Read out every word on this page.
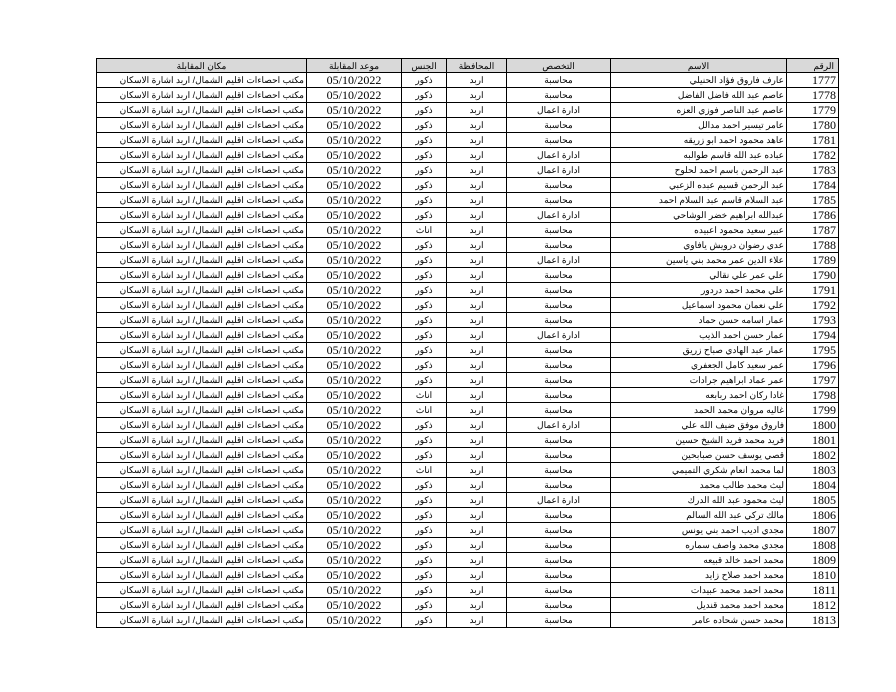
الرقم	الاسم	التخصص	المحافظة	الجنس	موعد المقابلة	مكان المقابلة
1777	عارف فاروق فؤاد الحنيلي	محاسبة	اربد	ذكور	05/10/2022	مكتب احصاءات اقليم الشمال/ اربد اشارة الاسكان
1778	عاصم عبد الله فاضل الفاضل	محاسبة	اربد	ذكور	05/10/2022	مكتب احصاءات اقليم الشمال/ اربد اشارة الاسكان
1779	عاصم عبد الناصر فوزي العزه	ادارة اعمال	اربد	ذكور	05/10/2022	مكتب احصاءات اقليم الشمال/ اربد اشارة الاسكان
1780	عامر تيسير احمد مدالل	محاسبة	اربد	ذكور	05/10/2022	مكتب احصاءات اقليم الشمال/ اربد اشارة الاسكان
1781	عاهد محمود احمد ابو زريقه	محاسبة	اربد	ذكور	05/10/2022	مكتب احصاءات اقليم الشمال/ اربد اشارة الاسكان
1782	عباده عبد الله قاسم طوالبه	ادارة اعمال	اربد	ذكور	05/10/2022	مكتب احصاءات اقليم الشمال/ اربد اشارة الاسكان
1783	عبد الرحمن باسم احمد لحلوح	ادارة اعمال	اربد	ذكور	05/10/2022	مكتب احصاءات اقليم الشمال/ اربد اشارة الاسكان
1784	عبد الرحمن قسيم عبده الزعبي	محاسبة	اربد	ذكور	05/10/2022	مكتب احصاءات اقليم الشمال/ اربد اشارة الاسكان
1785	عبد السلام قاسم عبد السلام احمد	محاسبة	اربد	ذكور	05/10/2022	مكتب احصاءات اقليم الشمال/ اربد اشارة الاسكان
1786	عبدالله ابراهيم خضر الوشاحي	ادارة اعمال	اربد	ذكور	05/10/2022	مكتب احصاءات اقليم الشمال/ اربد اشارة الاسكان
1787	عبير سعيد محمود اعبيده	محاسبة	اربد	اناث	05/10/2022	مكتب احصاءات اقليم الشمال/ اربد اشارة الاسكان
1788	عدي رضوان درويش يافاوي	محاسبة	اربد	ذكور	05/10/2022	مكتب احصاءات اقليم الشمال/ اربد اشارة الاسكان
1789	علاء الدين عمر محمد بني ياسين	ادارة اعمال	اربد	ذكور	05/10/2022	مكتب احصاءات اقليم الشمال/ اربد اشارة الاسكان
1790	علي عمر علي نقالي	محاسبة	اربد	ذكور	05/10/2022	مكتب احصاءات اقليم الشمال/ اربد اشارة الاسكان
1791	علي محمد احمد دردور	محاسبة	اربد	ذكور	05/10/2022	مكتب احصاءات اقليم الشمال/ اربد اشارة الاسكان
1792	علي نعمان محمود اسماعيل	محاسبة	اربد	ذكور	05/10/2022	مكتب احصاءات اقليم الشمال/ اربد اشارة الاسكان
1793	عمار اسامه حسن حماد	محاسبة	اربد	ذكور	05/10/2022	مكتب احصاءات اقليم الشمال/ اربد اشارة الاسكان
1794	عمار حسن احمد الذيب	ادارة اعمال	اربد	ذكور	05/10/2022	مكتب احصاءات اقليم الشمال/ اربد اشارة الاسكان
1795	عمار عبد الهادي صباح زريق	محاسبة	اربد	ذكور	05/10/2022	مكتب احصاءات اقليم الشمال/ اربد اشارة الاسكان
1796	عمر سعيد كامل الجعفري	محاسبة	اربد	ذكور	05/10/2022	مكتب احصاءات اقليم الشمال/ اربد اشارة الاسكان
1797	عمر عماد ابراهيم جرادات	محاسبة	اربد	ذكور	05/10/2022	مكتب احصاءات اقليم الشمال/ اربد اشارة الاسكان
1798	غادا ركان احمد ربابعه	محاسبة	اربد	اناث	05/10/2022	مكتب احصاءات اقليم الشمال/ اربد اشارة الاسكان
1799	غاليه مروان محمد الحمد	محاسبة	اربد	اناث	05/10/2022	مكتب احصاءات اقليم الشمال/ اربد اشارة الاسكان
1800	فاروق موفق ضيف الله علي	ادارة اعمال	اربد	ذكور	05/10/2022	مكتب احصاءات اقليم الشمال/ اربد اشارة الاسكان
1801	فريد محمد فريد الشيخ حسين	محاسبة	اربد	ذكور	05/10/2022	مكتب احصاءات اقليم الشمال/ اربد اشارة الاسكان
1802	قصي يوسف حسن صبابحين	محاسبة	اربد	ذكور	05/10/2022	مكتب احصاءات اقليم الشمال/ اربد اشارة الاسكان
1803	لما محمد انعام شكري التميمي	محاسبة	اربد	اناث	05/10/2022	مكتب احصاءات اقليم الشمال/ اربد اشارة الاسكان
1804	ليث محمد طالب محمد	محاسبة	اربد	ذكور	05/10/2022	مكتب احصاءات اقليم الشمال/ اربد اشارة الاسكان
1805	ليث محمود عبد الله الدرك	ادارة اعمال	اربد	ذكور	05/10/2022	مكتب احصاءات اقليم الشمال/ اربد اشارة الاسكان
1806	مالك تركي عبد الله السالم	محاسبة	اربد	ذكور	05/10/2022	مكتب احصاءات اقليم الشمال/ اربد اشارة الاسكان
1807	مجدي اديب احمد بني يونس	محاسبة	اربد	ذكور	05/10/2022	مكتب احصاءات اقليم الشمال/ اربد اشارة الاسكان
1808	مجدي محمد واصف سماره	محاسبة	اربد	ذكور	05/10/2022	مكتب احصاءات اقليم الشمال/ اربد اشارة الاسكان
1809	محمد احمد خالد قبيعه	محاسبة	اربد	ذكور	05/10/2022	مكتب احصاءات اقليم الشمال/ اربد اشارة الاسكان
1810	محمد احمد صلاح زايد	محاسبة	اربد	ذكور	05/10/2022	مكتب احصاءات اقليم الشمال/ اربد اشارة الاسكان
1811	محمد احمد محمد عبيدات	محاسبة	اربد	ذكور	05/10/2022	مكتب احصاءات اقليم الشمال/ اربد اشارة الاسكان
1812	محمد احمد محمد قنديل	محاسبة	اربد	ذكور	05/10/2022	مكتب احصاءات اقليم الشمال/ اربد اشارة الاسكان
1813	محمد حسن شحاده عامر	محاسبة	اربد	ذكور	05/10/2022	مكتب احصاءات اقليم الشمال/ اربد اشارة الاسكان
